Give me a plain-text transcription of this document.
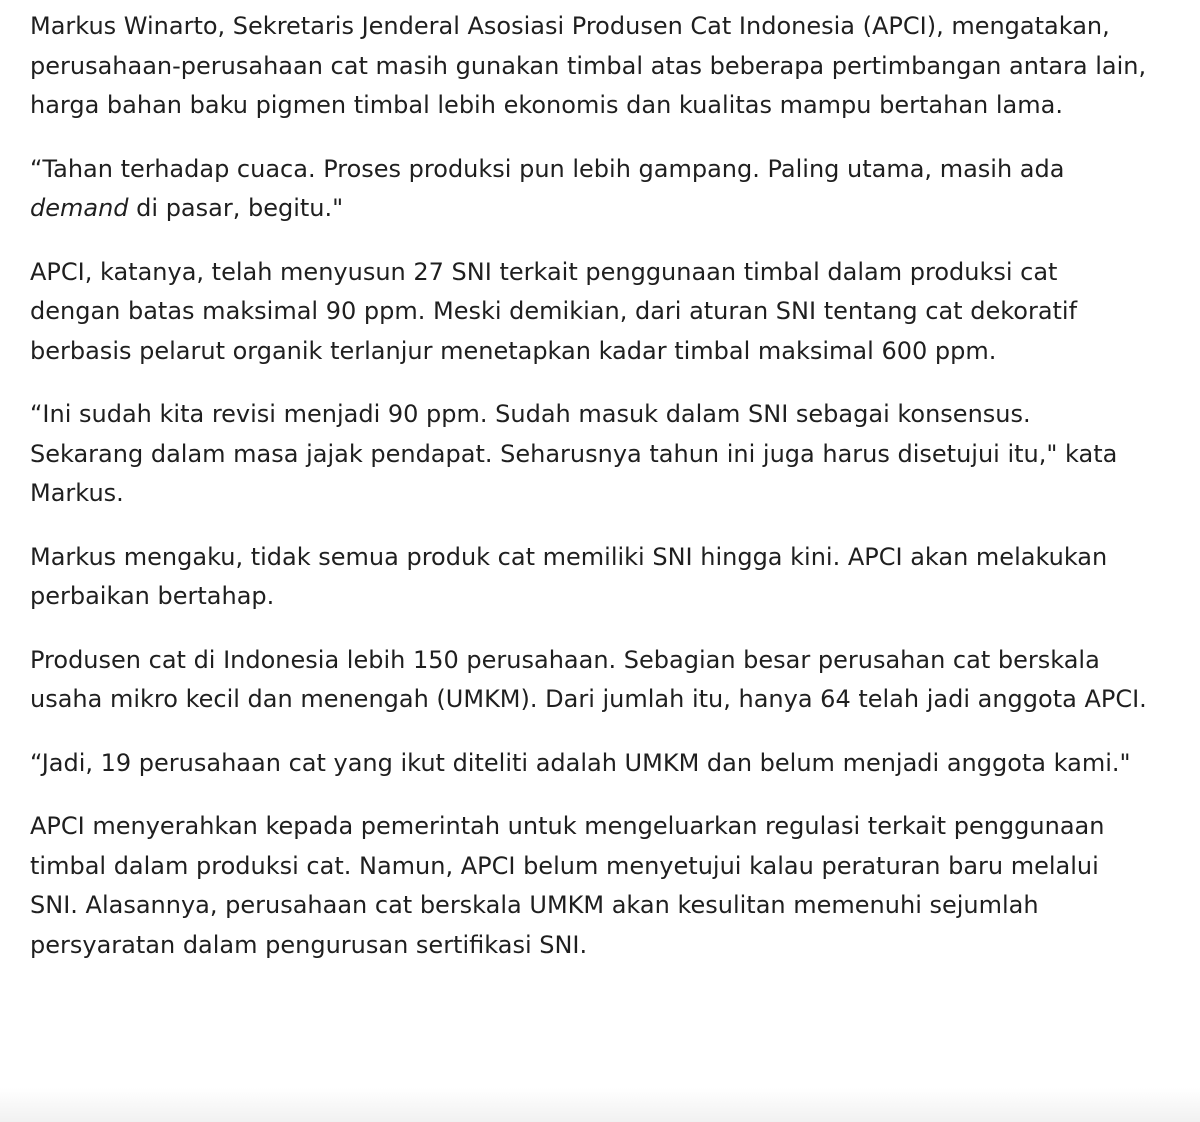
Markus Winarto, Sekretaris Jenderal Asosiasi Produsen Cat Indonesia (APCI), mengatakan, perusahaan-perusahaan cat masih gunakan timbal atas beberapa pertimbangan antara lain, harga bahan baku pigmen timbal lebih ekonomis dan kualitas mampu bertahan lama.

“Tahan terhadap cuaca. Proses produksi pun lebih gampang. Paling utama, masih ada demand di pasar, begitu."

APCI, katanya, telah menyusun 27 SNI terkait penggunaan timbal dalam produksi cat dengan batas maksimal 90 ppm. Meski demikian, dari aturan SNI tentang cat dekoratif berbasis pelarut organik terlanjur menetapkan kadar timbal maksimal 600 ppm.

“Ini sudah kita revisi menjadi 90 ppm. Sudah masuk dalam SNI sebagai konsensus. Sekarang dalam masa jajak pendapat. Seharusnya tahun ini juga harus disetujui itu," kata Markus.

Markus mengaku, tidak semua produk cat memiliki SNI hingga kini. APCI akan melakukan perbaikan bertahap.

Produsen cat di Indonesia lebih 150 perusahaan. Sebagian besar perusahan cat berskala usaha mikro kecil dan menengah (UMKM). Dari jumlah itu, hanya 64 telah jadi anggota APCI.

“Jadi, 19 perusahaan cat yang ikut diteliti adalah UMKM dan belum menjadi anggota kami."

APCI menyerahkan kepada pemerintah untuk mengeluarkan regulasi terkait penggunaan timbal dalam produksi cat. Namun, APCI belum menyetujui kalau peraturan baru melalui SNI. Alasannya, perusahaan cat berskala UMKM akan kesulitan memenuhi sejumlah persyaratan dalam pengurusan sertifikasi SNI.
